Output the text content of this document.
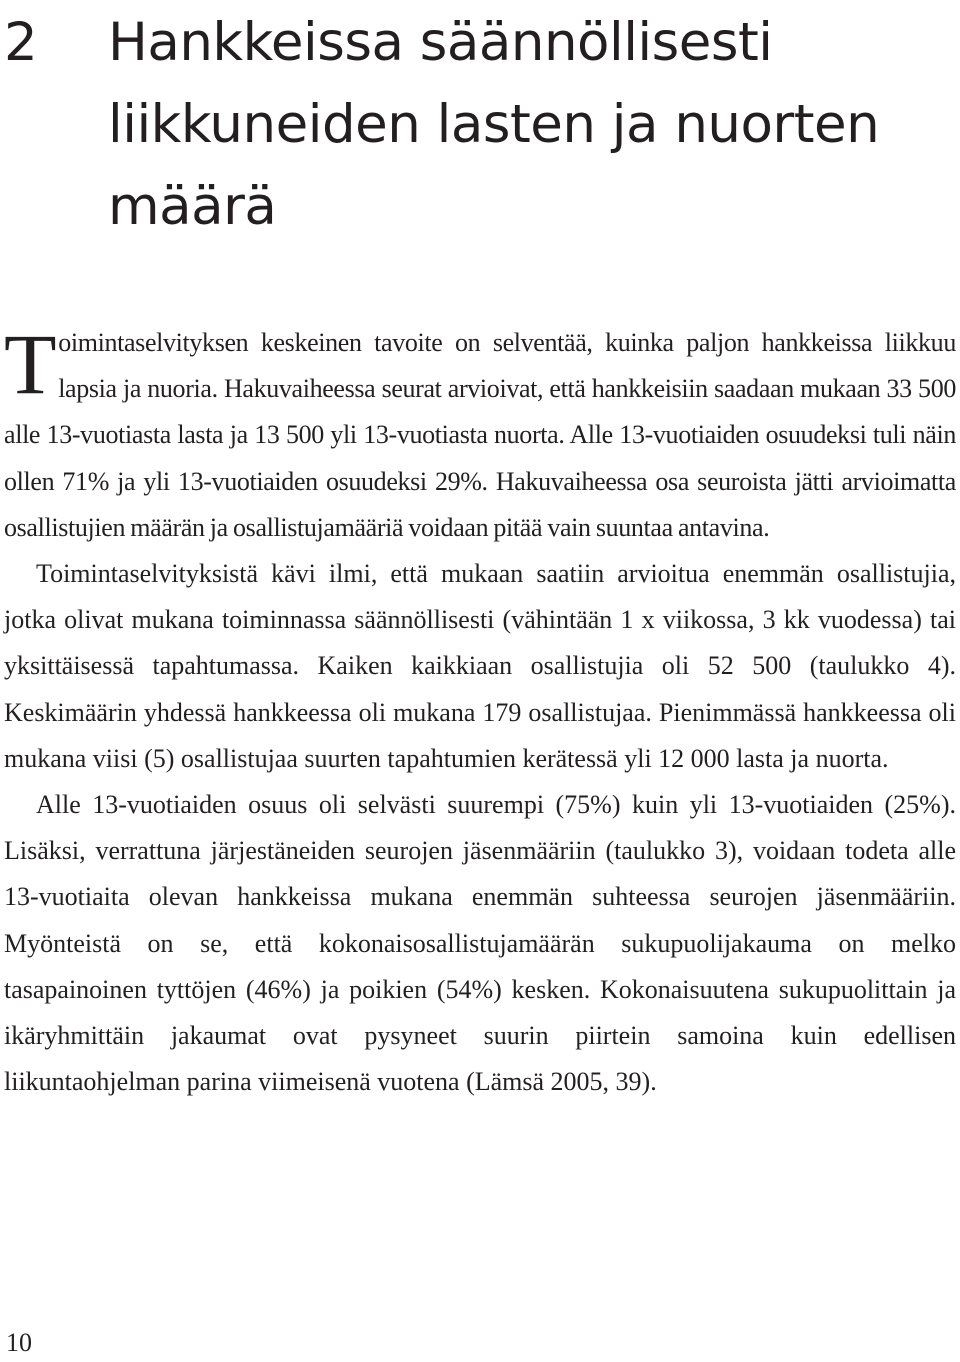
2 Hankkeissa säännöllisesti liikkuneiden lasten ja nuorten määrä

Toimintaselvityksen keskeinen tavoite on selventää, kuinka paljon hankkeissa liikkuu lapsia ja nuoria. Hakuvaiheessa seurat arvioivat, että hankkeisiin saadaan mukaan 33 500 alle 13-vuotiasta lasta ja 13 500 yli 13-vuotiasta nuorta. Alle 13-vuotiaiden osuudeksi tuli näin ollen 71% ja yli 13-vuotiaiden osuudeksi 29%. Hakuvaiheessa osa seuroista jätti arvioimatta osallistujien määrän ja osallistujamääriä voidaan pitää vain suuntaa antavina.

Toimintaselvityksistä kävi ilmi, että mukaan saatiin arvioitua enemmän osallistujia, jotka olivat mukana toiminnassa säännöllisesti (vähintään 1 x viikossa, 3 kk vuodessa) tai yksittäisessä tapahtumassa. Kaiken kaikkiaan osallistujia oli 52 500 (taulukko 4). Keskimäärin yhdessä hankkeessa oli mukana 179 osallistujaa. Pienimmässä hankkeessa oli mukana viisi (5) osallistujaa suurten tapahtumien kerätessä yli 12 000 lasta ja nuorta.

Alle 13-vuotiaiden osuus oli selvästi suurempi (75%) kuin yli 13-vuotiaiden (25%). Lisäksi, verrattuna järjestäneiden seurojen jäsenmääriin (taulukko 3), voidaan todeta alle 13-vuotiaita olevan hankkeissa mukana enemmän suhteessa seurojen jäsenmääriin. Myönteistä on se, että kokonaisosallistujamäärän sukupuolijakauma on melko tasapainoinen tyttöjen (46%) ja poikien (54%) kesken. Kokonaisuutena sukupuolittain ja ikäryhmittäin jakaumat ovat pysyneet suurin piirtein samoina kuin edellisen liikuntaohjelman parina viimeisenä vuotena (Lämsä 2005, 39).

10
